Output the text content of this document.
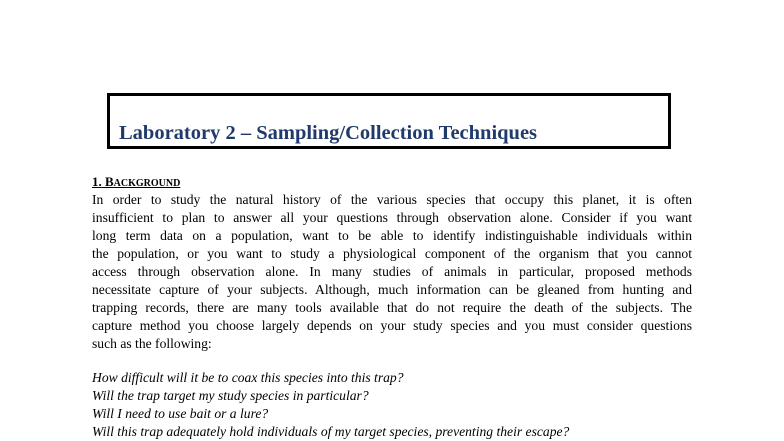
Laboratory 2 – Sampling/Collection Techniques
1. BACKGROUND
In order to study the natural history of the various species that occupy this planet, it is often
insufficient to plan to answer all your questions through observation alone. Consider if you want
long term data on a population, want to be able to identify indistinguishable individuals within
the population, or you want to study a physiological component of the organism that you cannot
access through observation alone. In many studies of animals in particular, proposed methods
necessitate capture of your subjects. Although, much information can be gleaned from hunting and
trapping records, there are many tools available that do not require the death of the subjects. The
capture method you choose largely depends on your study species and you must consider questions
such as the following:
How difficult will it be to coax this species into this trap?
Will the trap target my study species in particular?
Will I need to use bait or a lure?
Will this trap adequately hold individuals of my target species, preventing their escape?
